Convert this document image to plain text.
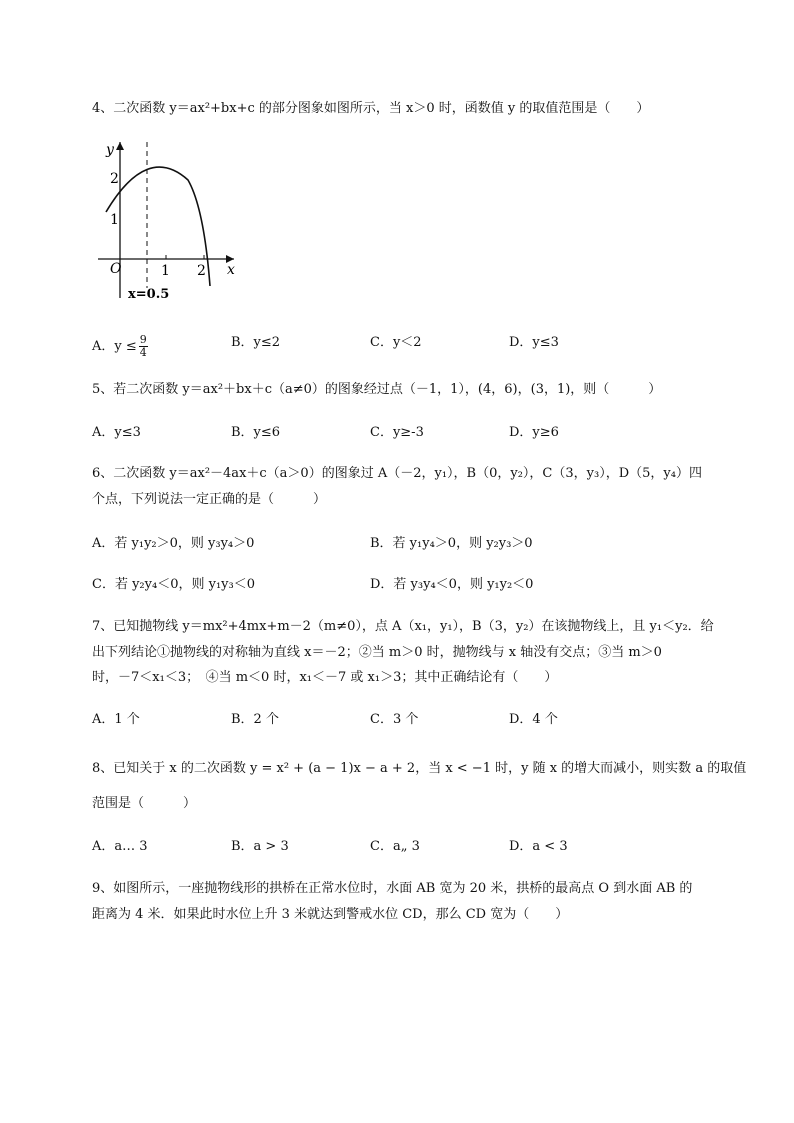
4、二次函数 y＝ax²+bx+c 的部分图象如图所示，当 x＞0 时，函数值 y 的取值范围是（　　）
y
x
O
2
1
1 2
x=0.5
A．$y \le \frac{9}{4}$	B．y≤2	C．y＜2	D．y≤3
5、若二次函数 y＝ax²＋bx＋c（a≠0）的图象经过点（－1，1），(4，6)，(3，1)，则（　　　）
A．y≤3	B．y≤6	C．y≥-3	D．y≥6
6、二次函数 y＝ax²－4ax＋c（a＞0）的图象过 A（－2，y₁），B（0，y₂），C（3，y₃），D（5，y₄）四
个点，下列说法一定正确的是（　　　）
A．若 y₁y₂＞0，则 y₃y₄＞0	B．若 y₁y₄＞0，则 y₂y₃＞0
C．若 y₂y₄＜0，则 y₁y₃＜0	D．若 y₃y₄＜0，则 y₁y₂＜0
7、已知抛物线 y＝mx²+4mx+m－2（m≠0），点 A（x₁，y₁），B（3，y₂）在该抛物线上，且 y₁＜y₂．给
出下列结论①抛物线的对称轴为直线 x＝－2；②当 m＞0 时，抛物线与 x 轴没有交点；③当 m＞0
时，－7＜x₁＜3；　④当 m＜0 时，x₁＜－7 或 x₁＞3；其中正确结论有（　　）
A．1 个	B．2 个	C．3 个	D．4 个
8、已知关于 x 的二次函数 y = x² + (a − 1)x − a + 2，当 x < −1 时，y 随 x 的增大而减小，则实数 a 的取值
范围是（　　　）
A．a… 3	B．a > 3	C．a„ 3	D．a < 3
9、如图所示，一座抛物线形的拱桥在正常水位时，水面 AB 宽为 20 米，拱桥的最高点 O 到水面 AB 的
距离为 4 米．如果此时水位上升 3 米就达到警戒水位 CD，那么 CD 宽为（　　）
